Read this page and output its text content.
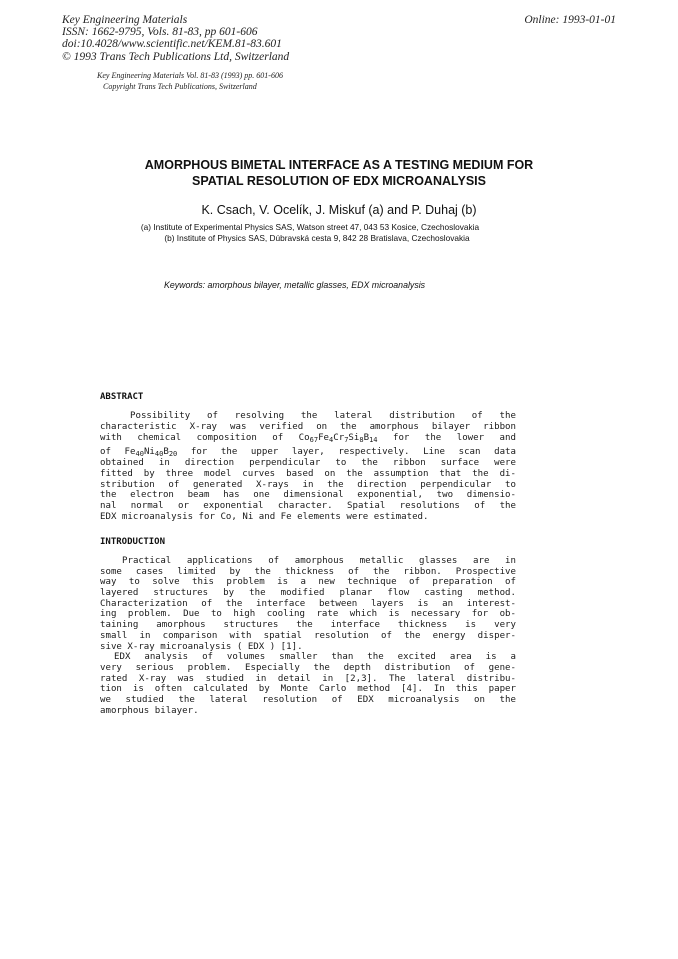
Key Engineering Materials
ISSN: 1662-9795, Vols. 81-83, pp 601-606
doi:10.4028/www.scientific.net/KEM.81-83.601
© 1993 Trans Tech Publications Ltd, Switzerland
Online: 1993-01-01
Key Engineering Materials Vol. 81-83 (1993) pp. 601-606
Copyright Trans Tech Publications, Switzerland
AMORPHOUS BIMETAL INTERFACE AS A TESTING MEDIUM FOR
SPATIAL RESOLUTION OF EDX MICROANALYSIS
K. Csach, V. Ocelík, J. Miskuf (a) and P. Duhaj (b)
(a) Institute of Experimental Physics SAS, Watson street 47, 043 53 Kosice, Czechoslovakia
(b) Institute of Physics SAS, Dúbravská cesta 9, 842 28 Bratislava, Czechoslovakia
Keywords: amorphous bilayer, metallic glasses, EDX microanalysis
ABSTRACT
Possibility of resolving the lateral distribution of the
characteristic X-ray was verified on the amorphous bilayer ribbon
with chemical composition of $Co_{67}Fe_4Cr_7Si_8B_{14}$ for the lower and
of $Fe_{40}Ni_{40}B_{20}$ for the upper layer, respectively. Line scan data
obtained in direction perpendicular to the ribbon surface were
fitted by three model curves based on the assumption that the di-
stribution of generated X-rays in the direction perpendicular to
the electron beam has one dimensional exponential, two dimensio-
nal normal or exponential character. Spatial resolutions of the
EDX microanalysis for Co, Ni and Fe elements were estimated.
INTRODUCTION
Practical applications of amorphous metallic glasses are in
some cases limited by the thickness of the ribbon. Prospective
way to solve this problem is a new technique of preparation of
layered structures by the modified planar flow casting method.
Characterization of the interface between layers is an interest-
ing problem. Due to high cooling rate which is necessary for ob-
taining amorphous structures the interface thickness is very
small in comparison with spatial resolution of the energy disper-
sive X-ray microanalysis ( EDX ) [1].
EDX analysis of volumes smaller than the excited area is a
very serious problem. Especially the depth distribution of gene-
rated X-ray was studied in detail in [2,3]. The lateral distribu-
tion is often calculated by Monte Carlo method [4]. In this paper
we studied the lateral resolution of EDX microanalysis on the
amorphous bilayer.
